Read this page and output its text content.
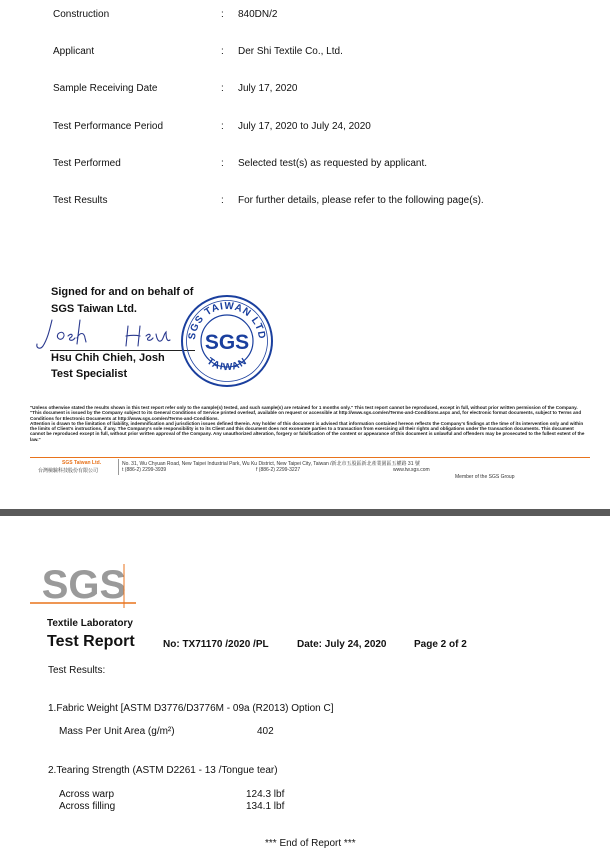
Construction	: 840DN/2
Applicant	: Der Shi Textile Co., Ltd.
Sample Receiving Date	: July 17, 2020
Test Performance Period	: July 17, 2020 to July 24, 2020
Test Performed	: Selected test(s) as requested by applicant.
Test Results	: For further details, please refer to the following page(s).
Signed for and on behalf of
SGS Taiwan Ltd.
Hsu Chih Chieh, Josh
Test Specialist
SGS TAIWAN LTD
SGS
TAIWAN
"Unless otherwise stated the results shown in this test report refer only to the sample(s) tested, and such sample(s) are retained for 1 months only." This test report cannot be reproduced, except in full, without prior written permission of the Company.
"This document is issued by the Company subject to its General Conditions of Service printed overleaf, available on request or accessible at http://www.sgs.com/en/Terms-and-Conditions.aspx and, for electronic format documents, subject to Terms and Conditions for Electronic Documents at http://www.sgs.com/en/Terms-and-Conditions.
Attention is drawn to the limitation of liability, indemnification and jurisdiction issues defined therein. Any holder of this document is advised that information contained hereon reflects the Company's findings at the time of its intervention only and within the limits of Client's instructions, if any. The Company's sole responsibility is to its Client and this document does not exonerate parties to a transaction from exercising all their rights and obligations under the transaction documents. This document cannot be reproduced except in full, without prior written approval of the Company. Any unauthorized alteration, forgery or falsification of the content or appearance of this document is unlawful and offenders may be prosecuted to the fullest extent of the law."
SGS Taiwan Ltd.
台灣檢驗科技股份有限公司
No. 31, Wu Chyuan Road, New Taipei Industrial Park, Wu Ku District, New Taipei City, Taiwan /新北市五股區新北產業園區五權路 31 號
t (886-2) 2299-3939	f (886-2) 2299-3227	www.tw.sgs.com
Member of the SGS Group
SGS
Textile Laboratory
Test Report	No: TX71170 /2020 /PL	Date: July 24, 2020	Page 2 of 2
Test Results:
1.Fabric Weight [ASTM D3776/D3776M - 09a (R2013) Option C]
Mass Per Unit Area (g/m²)	402
2.Tearing Strength (ASTM D2261 - 13 /Tongue tear)
Across warp	124.3 lbf
Across filling	134.1 lbf
*** End of Report ***
